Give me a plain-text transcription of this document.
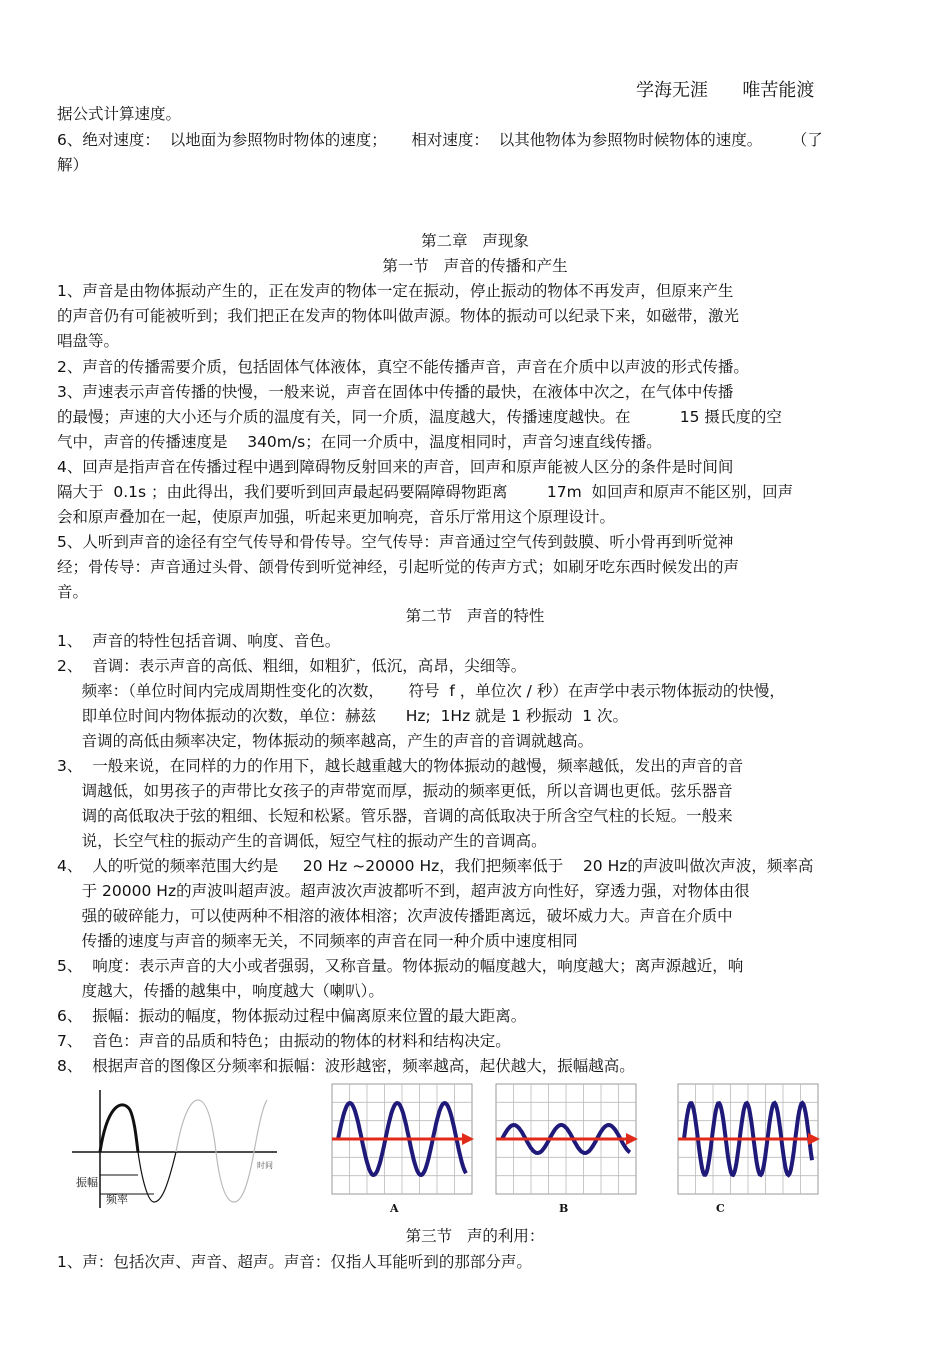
学海无涯      唯苦能渡
据公式计算速度。
6、绝对速度：  以地面为参照物时物体的速度；     相对速度：  以其他物体为参照物时候物体的速度。      （了
解）
第二章   声现象
第一节   声音的传播和产生
1、声音是由物体振动产生的，正在发声的物体一定在振动，停止振动的物体不再发声，但原来产生
的声音仍有可能被听到；我们把正在发声的物体叫做声源。物体的振动可以纪录下来，如磁带，激光
唱盘等。
2、声音的传播需要介质，包括固体气体液体，真空不能传播声音，声音在介质中以声波的形式传播。
3、声速表示声音传播的快慢，一般来说，声音在固体中传播的最快，在液体中次之，在气体中传播
的最慢；声速的大小还与介质的温度有关，同一介质，温度越大，传播速度越快。在          15 摄氏度的空
气中，声音的传播速度是    340m/s；在同一介质中，温度相同时，声音匀速直线传播。
4、回声是指声音在传播过程中遇到障碍物反射回来的声音，回声和原声能被人区分的条件是时间间
隔大于  0.1s ；由此得出，我们要听到回声最起码要隔障碍物距离        17m  如回声和原声不能区别，回声
会和原声叠加在一起，使原声加强，听起来更加响亮，音乐厅常用这个原理设计。
5、人听到声音的途径有空气传导和骨传导。空气传导：声音通过空气传到鼓膜、听小骨再到听觉神
经；骨传导：声音通过头骨、颌骨传到听觉神经，引起听觉的传声方式；如刷牙吃东西时候发出的声
音。
第二节   声音的特性
1、  声音的特性包括音调、响度、音色。
2、  音调：表示声音的高低、粗细，如粗犷，低沉，高昂，尖细等。
频率：（单位时间内完成周期性变化的次数，     符号  f ，单位次 / 秒）在声学中表示物体振动的快慢，
即单位时间内物体振动的次数，单位：赫兹      Hz;  1Hz 就是 1 秒振动  1 次。
音调的高低由频率决定，物体振动的频率越高，产生的声音的音调就越高。
3、  一般来说，在同样的力的作用下，越长越重越大的物体振动的越慢，频率越低，发出的声音的音
调越低，如男孩子的声带比女孩子的声带宽而厚，振动的频率更低，所以音调也更低。弦乐器音
调的高低取决于弦的粗细、长短和松紧。管乐器，音调的高低取决于所含空气柱的长短。一般来
说，长空气柱的振动产生的音调低，短空气柱的振动产生的音调高。
4、  人的听觉的频率范围大约是     20 Hz ~20000 Hz，我们把频率低于    20 Hz的声波叫做次声波，频率高
于 20000 Hz的声波叫超声波。超声波次声波都听不到，超声波方向性好，穿透力强，对物体由很
强的破碎能力，可以使两种不相溶的液体相溶；次声波传播距离远，破坏威力大。声音在介质中
传播的速度与声音的频率无关，不同频率的声音在同一种介质中速度相同
5、  响度：表示声音的大小或者强弱，又称音量。物体振动的幅度越大，响度越大；离声源越近，响
度越大，传播的越集中，响度越大（喇叭）。
6、  振幅：振动的幅度，物体振动过程中偏离原来位置的最大距离。
7、  音色：声音的品质和特色；由振动的物体的材料和结构决定。
8、  根据声音的图像区分频率和振幅：波形越密，频率越高，起伏越大，振幅越高。
振幅
频率
时间
A	B	C
第三节   声的利用：
1、声：包括次声、声音、超声。声音：仅指人耳能听到的那部分声。
